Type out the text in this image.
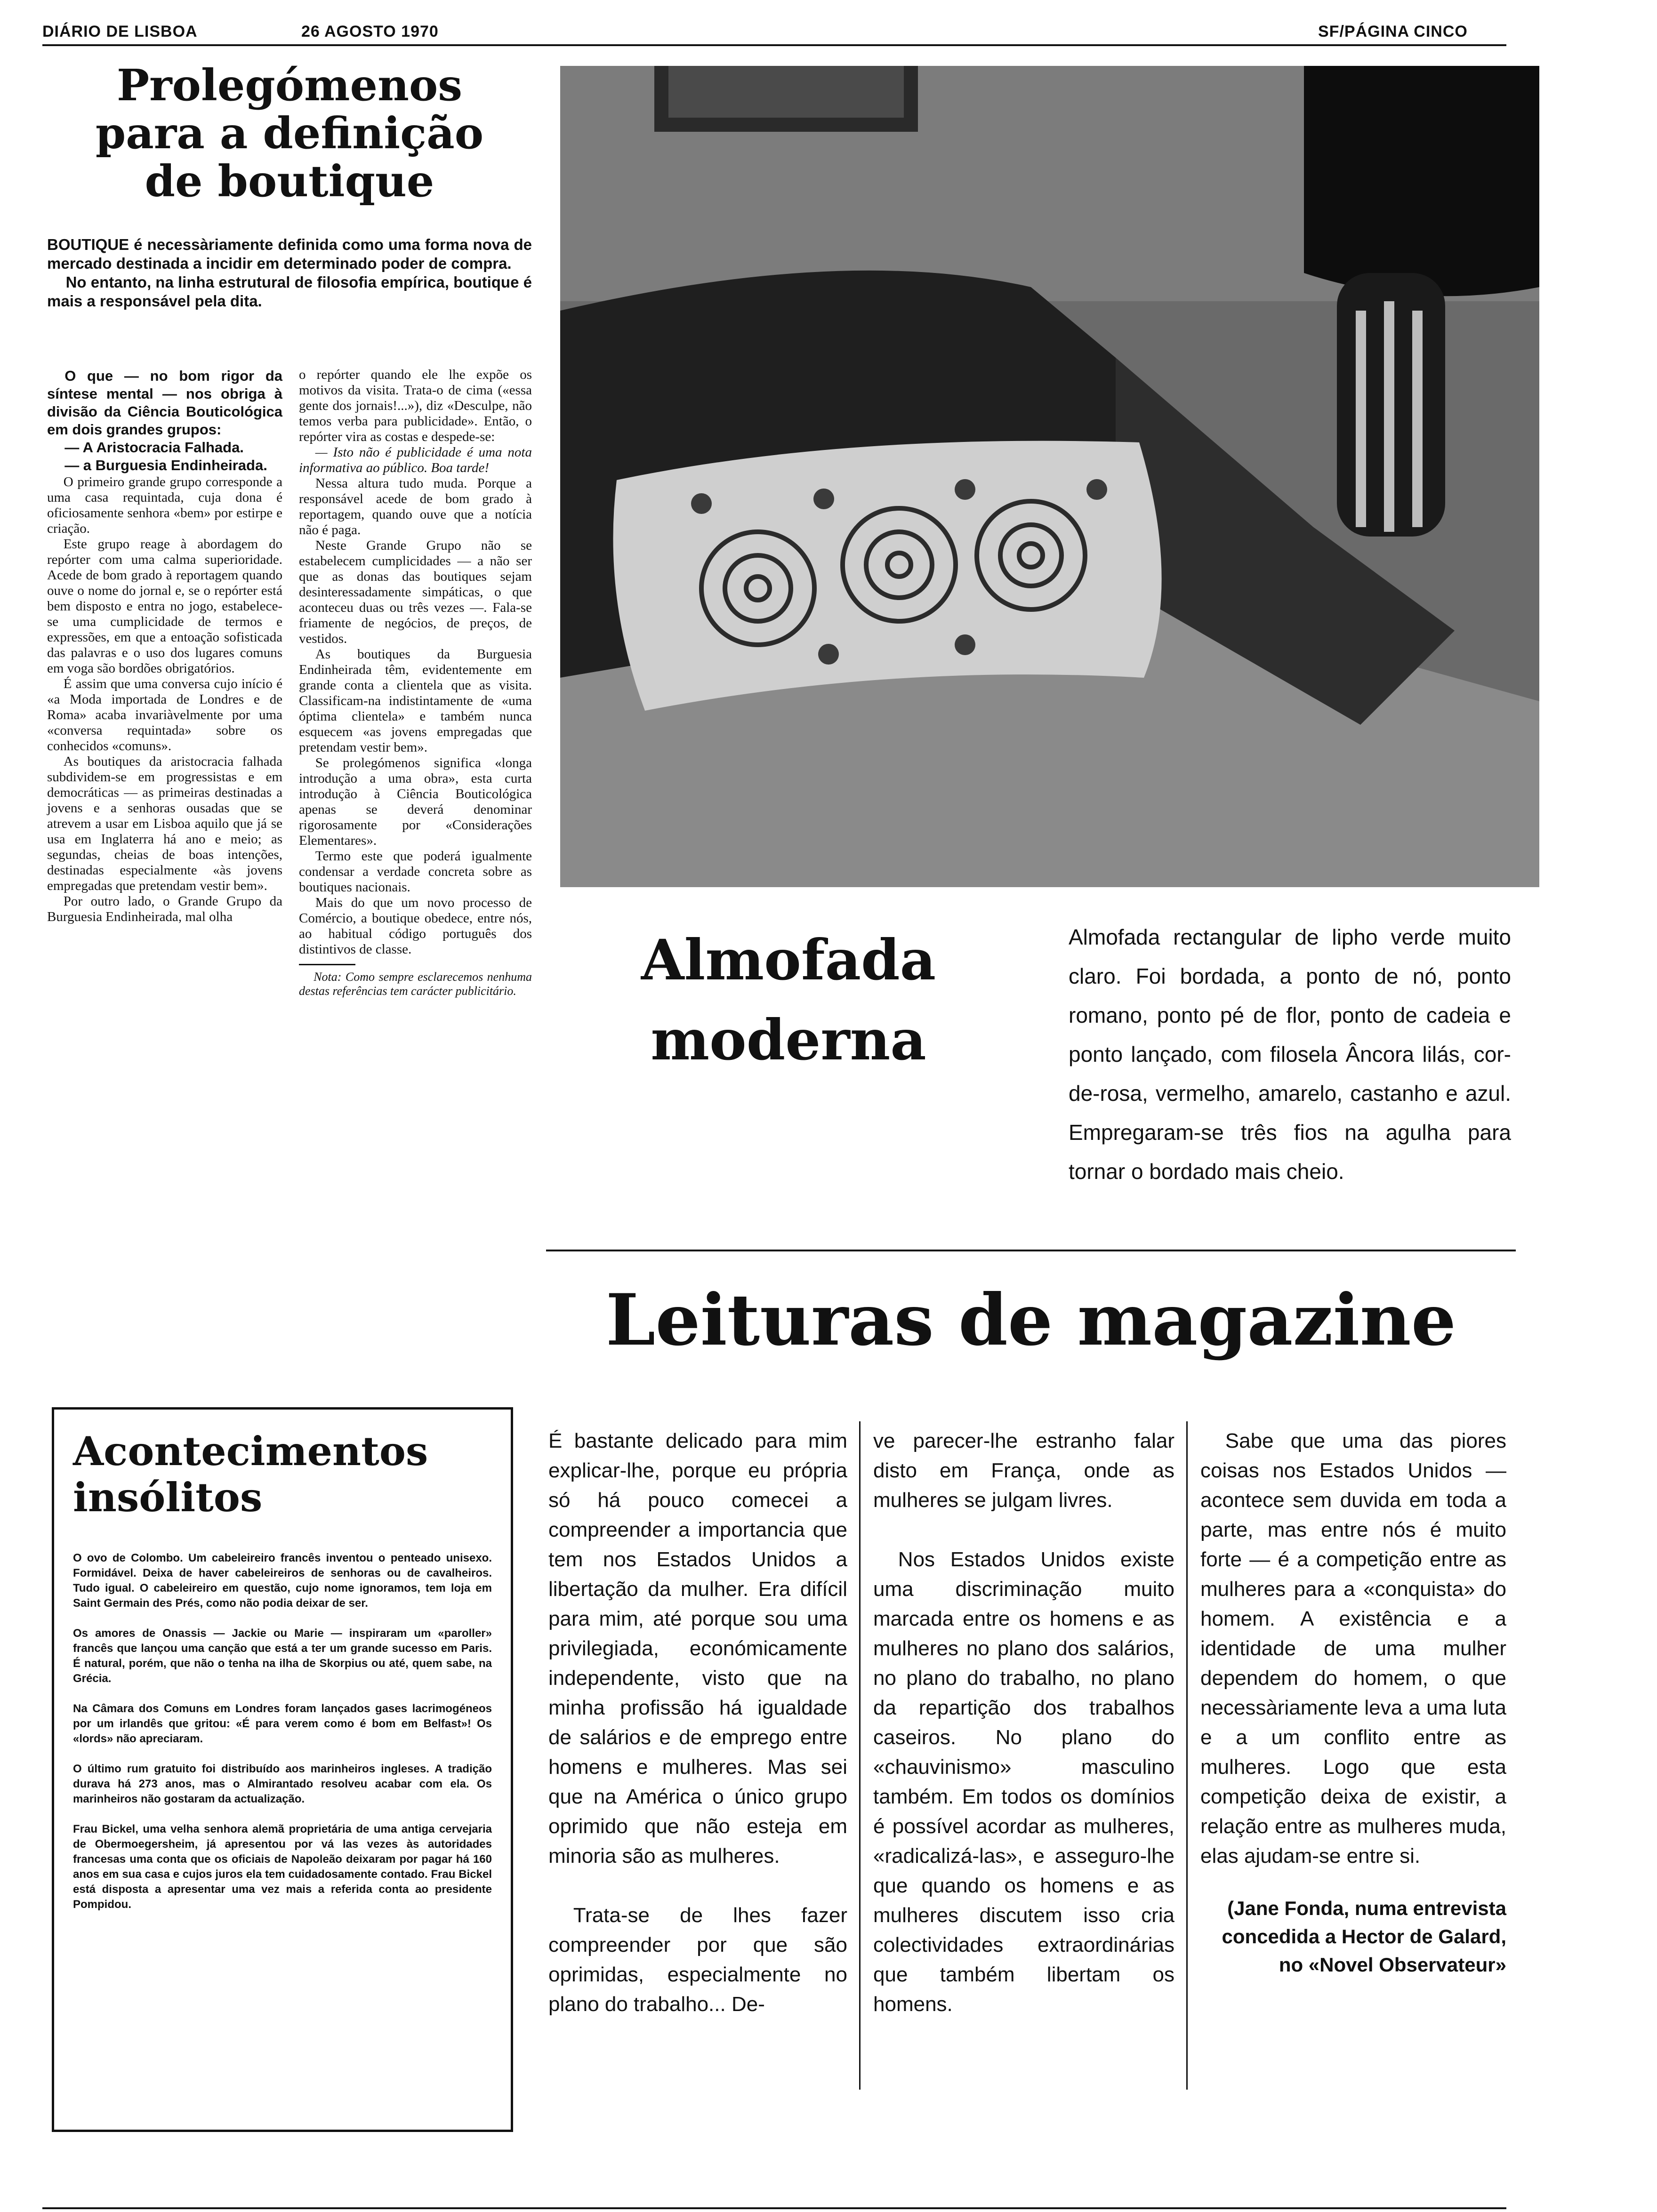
DIÁRIO DE LISBOA	26 AGOSTO 1970	SF/PÁGINA CINCO
Prolegómenos
para a definição
de boutique

BOUTIQUE é necessàriamente definida como uma forma nova de mercado destinada a incidir em determinado poder de compra.

No entanto, na linha estrutural de filosofia empírica, boutique é mais a responsável pela dita.

O que — no bom rigor da síntese mental — nos obriga à divisão da Ciência Bouticológica em dois grandes grupos:

— A Aristocracia Falhada.

— a Burguesia Endinheirada.

O primeiro grande grupo corresponde a uma casa requintada, cuja dona é oficiosamente senhora «bem» por estirpe e criação.

Este grupo reage à abordagem do repórter com uma calma superioridade. Acede de bom grado à reportagem quando ouve o nome do jornal e, se o repórter está bem disposto e entra no jogo, estabelece-se uma cumplicidade de termos e expressões, em que a entoação sofisticada das palavras e o uso dos lugares comuns em voga são bordões obrigatórios.

É assim que uma conversa cujo início é «a Moda importada de Londres e de Roma» acaba invariàvelmente por uma «conversa requintada» sobre os conhecidos «comuns».

As boutiques da aristocracia falhada subdividem-se em progressistas e em democráticas — as primeiras destinadas a jovens e a senhoras ousadas que se atrevem a usar em Lisboa aquilo que já se usa em Inglaterra há ano e meio; as segundas, cheias de boas intenções, destinadas especialmente «às jovens empregadas que pretendam vestir bem».

Por outro lado, o Grande Grupo da Burguesia Endinheirada, mal olha

o repórter quando ele lhe expõe os motivos da visita. Trata-o de cima («essa gente dos jornais!...»), diz «Desculpe, não temos verba para publicidade». Então, o repórter vira as costas e despede-se:

— Isto não é publicidade é uma nota informativa ao público. Boa tarde!

Nessa altura tudo muda. Porque a responsável acede de bom grado à reportagem, quando ouve que a notícia não é paga.

Neste Grande Grupo não se estabelecem cumplicidades — a não ser que as donas das boutiques sejam desinteressadamente simpáticas, o que aconteceu duas ou três vezes —. Fala-se friamente de negócios, de preços, de vestidos.

As boutiques da Burguesia Endinheirada têm, evidentemente em grande conta a clientela que as visita. Classificam-na indistintamente de «uma óptima clientela» e também nunca esquecem «as jovens empregadas que pretendam vestir bem».

Se prolegómenos significa «longa introdução a uma obra», esta curta introdução à Ciência Bouticológica apenas se deverá denominar rigorosamente por «Considerações Elementares».

Termo este que poderá igualmente condensar a verdade concreta sobre as boutiques nacionais.

Mais do que um novo processo de Comércio, a boutique obedece, entre nós, ao habitual código português dos distintivos de classe.

Nota: Como sempre esclarecemos nenhuma destas referências tem carácter publicitário.	Almofada
moderna

Almofada rectangular de lipho verde muito claro. Foi bordada, a ponto de nó, ponto romano, ponto pé de flor, ponto de cadeia e ponto lançado, com filosela Âncora lilás, cor-de-rosa, vermelho, amarelo, castanho e azul. Empregaram-se três fios na agulha para tornar o bordado mais cheio.

Leituras de magazine

É bastante delicado para mim explicar-lhe, porque eu própria só há pouco comecei a compreender a importancia que tem nos Estados Unidos a libertação da mulher. Era difícil para mim, até porque sou uma privilegiada, económicamente independente, visto que na minha profissão há igualdade de salários e de emprego entre homens e mulheres. Mas sei que na América o único grupo oprimido que não esteja em minoria são as mulheres.

Trata-se de lhes fazer compreender por que são oprimidas, especialmente no plano do trabalho... De-

ve parecer-lhe estranho falar disto em França, onde as mulheres se julgam livres.

Nos Estados Unidos existe uma discriminação muito marcada entre os homens e as mulheres no plano dos salários, no plano do trabalho, no plano da repartição dos trabalhos caseiros. No plano do «chauvinismo» masculino também. Em todos os domínios é possível acordar as mulheres, «radicalizá-las», e asseguro-lhe que quando os homens e as mulheres discutem isso cria colectividades extraordinárias que também libertam os homens.

Sabe que uma das piores coisas nos Estados Unidos — acontece sem duvida em toda a parte, mas entre nós é muito forte — é a competição entre as mulheres para a «conquista» do homem. A existência e a identidade de uma mulher dependem do homem, o que necessàriamente leva a uma luta e a um conflito entre as mulheres. Logo que esta competição deixa de existir, a relação entre as mulheres muda, elas ajudam-se entre si.

(Jane Fonda, numa entrevista concedida a Hector de Galard, no «Novel Observateur»

Acontecimentos
insólitos

O ovo de Colombo. Um cabeleireiro francês inventou o penteado unisexo. Formidável. Deixa de haver cabeleireiros de senhoras ou de cavalheiros. Tudo igual. O cabeleireiro em questão, cujo nome ignoramos, tem loja em Saint Germain des Prés, como não podia deixar de ser.

Os amores de Onassis — Jackie ou Marie — inspiraram um «paroller» francês que lançou uma canção que está a ter um grande sucesso em Paris. É natural, porém, que não o tenha na ilha de Skorpius ou até, quem sabe, na Grécia.

Na Câmara dos Comuns em Londres foram lançados gases lacrimogéneos por um irlandês que gritou: «É para verem como é bom em Belfast»! Os «lords» não apreciaram.

O último rum gratuito foi distribuído aos marinheiros ingleses. A tradição durava há 273 anos, mas o Almirantado resolveu acabar com ela. Os marinheiros não gostaram da actualização.

Frau Bickel, uma velha senhora alemã proprietária de uma antiga cervejaria de Obermoegersheim, já apresentou por vá las vezes às autoridades francesas uma conta que os oficiais de Napoleão deixaram por pagar há 160 anos em sua casa e cujos juros ela tem cuidadosamente contado. Frau Bickel está disposta a apresentar uma vez mais a referida conta ao presidente Pompidou.
